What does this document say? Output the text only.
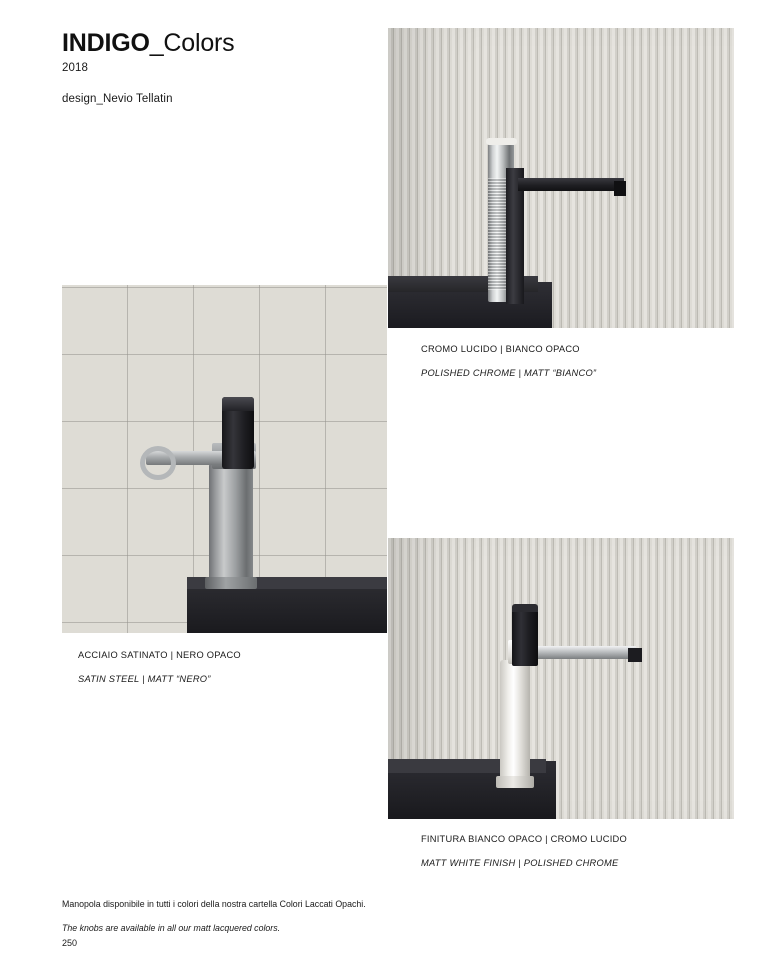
INDIGO_Colors
2018
design_Nevio Tellatin
CROMO LUCIDO | BIANCO OPACO
POLISHED CHROME | MATT “BIANCO”
ACCIAIO SATINATO | NERO OPACO
SATIN STEEL | MATT “NERO”
FINITURA BIANCO OPACO | CROMO LUCIDO
MATT WHITE FINISH | POLISHED CHROME
Manopola disponibile in tutti i colori della nostra cartella Colori Laccati Opachi.
The knobs are available in all our matt lacquered colors.
250
